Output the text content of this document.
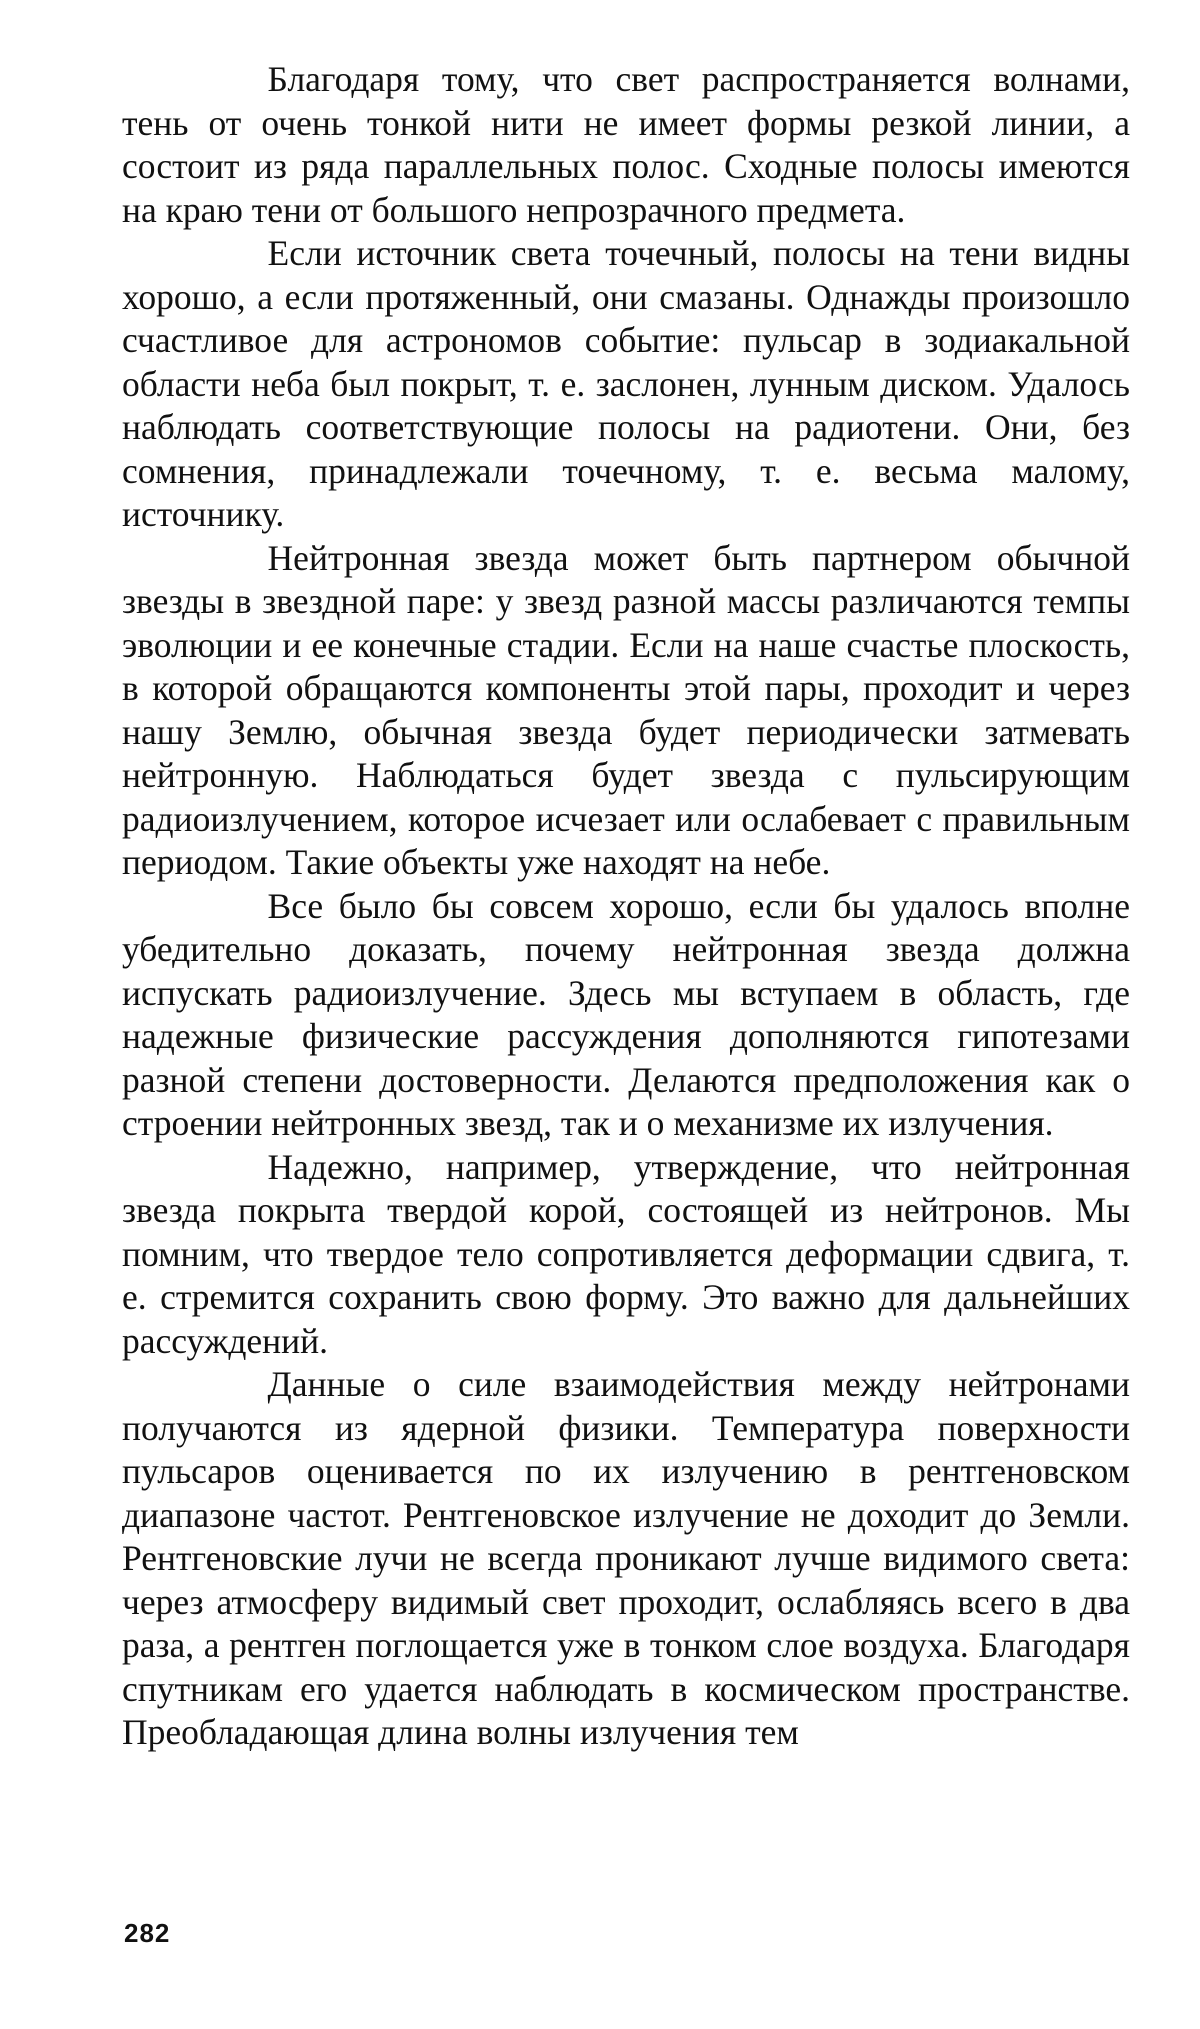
Благодаря тому, что свет распространяется волнами, тень от очень тонкой нити не имеет формы резкой линии, а состоит из ряда параллельных полос. Сходные полосы имеются на краю тени от большого непрозрачного предмета.

Если источник света точечный, полосы на тени видны хорошо, а если протяженный, они смазаны. Однажды произошло счастливое для астрономов событие: пульсар в зодиакальной области неба был покрыт, т. е. заслонен, лунным диском. Удалось наблюдать соответствующие полосы на радиотени. Они, без сомнения, принадлежали точечному, т. е. весьма малому, источнику.

Нейтронная звезда может быть партнером обычной звезды в звездной паре: у звезд разной массы различаются темпы эволюции и ее конечные стадии. Если на наше счастье плоскость, в которой обращаются компоненты этой пары, проходит и через нашу Землю, обычная звезда будет периодически затмевать нейтронную. Наблюдаться будет звезда с пульсирующим радиоизлучением, которое исчезает или ослабевает с правильным периодом. Такие объекты уже находят на небе.

Все было бы совсем хорошо, если бы удалось вполне убедительно доказать, почему нейтронная звезда должна испускать радиоизлучение. Здесь мы вступаем в область, где надежные физические рассуждения дополняются гипотезами разной степени достоверности. Делаются предположения как о строении нейтронных звезд, так и о механизме их излучения.

Надежно, например, утверждение, что нейтронная звезда покрыта твердой корой, состоящей из нейтронов. Мы помним, что твердое тело сопротивляется деформации сдвига, т. е. стремится сохранить свою форму. Это важно для дальнейших рассуждений.

Данные о силе взаимодействия между нейтронами получаются из ядерной физики. Температура поверхности пульсаров оценивается по их излучению в рентгеновском диапазоне частот. Рентгеновское излучение не доходит до Земли. Рентгеновские лучи не всегда проникают лучше видимого света: через атмосферу видимый свет проходит, ослабляясь всего в два раза, а рентген поглощается уже в тонком слое воздуха. Благодаря спутникам его удается наблюдать в космическом пространстве. Преобладающая длина волны излучения тем

282
